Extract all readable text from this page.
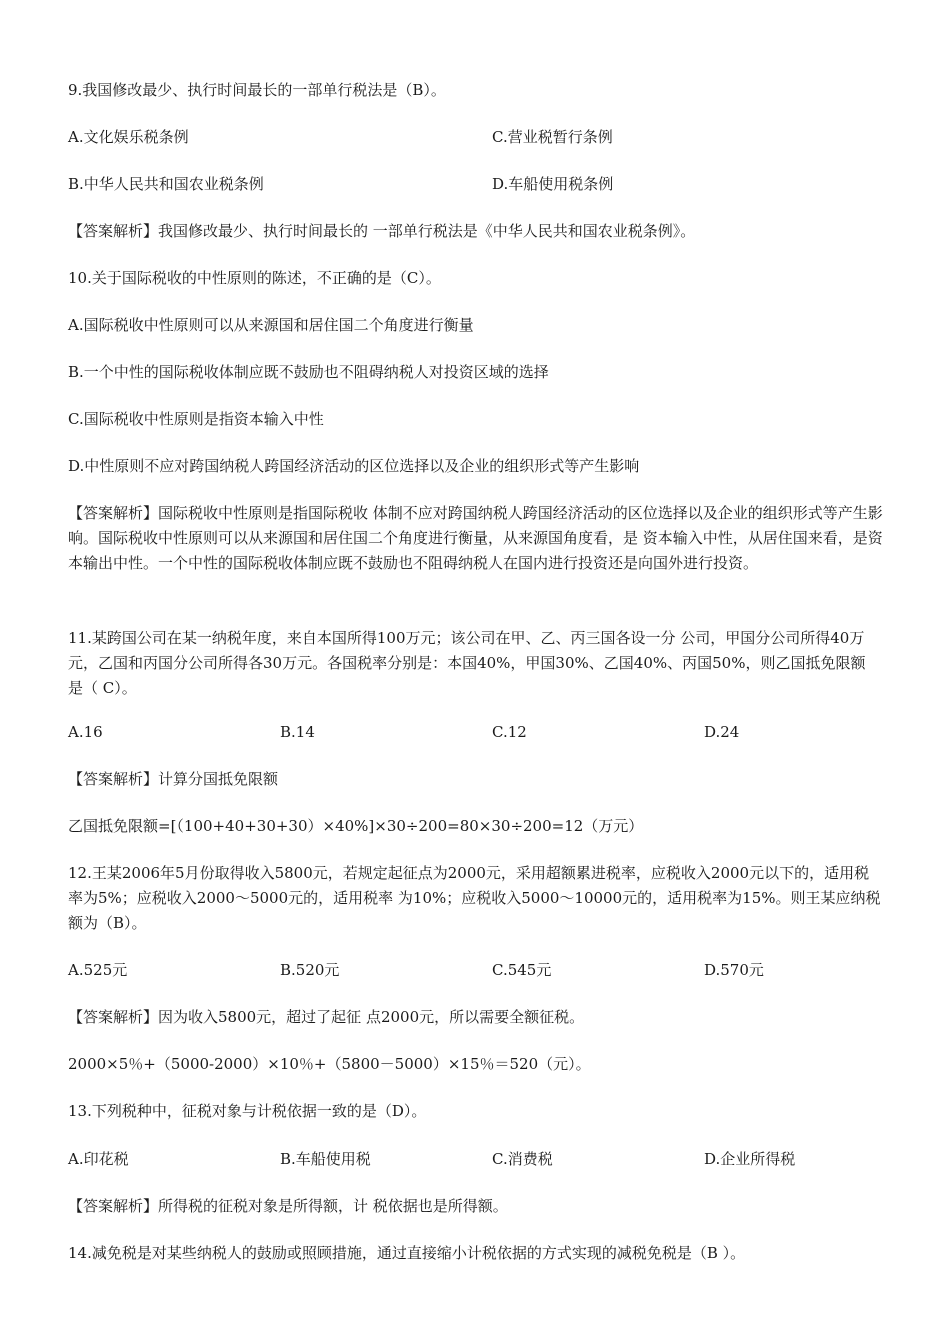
9.我国修改最少、执行时间最长的一部单行税法是（B）。

A.文化娱乐税条例	C.营业税暂行条例
B.中华人民共和国农业税条例	D.车船使用税条例

【答案解析】我国修改最少、执行时间最长的 一部单行税法是《中华人民共和国农业税条例》。

10.关于国际税收的中性原则的陈述，不正确的是（C）。

A.国际税收中性原则可以从来源国和居住国二个角度进行衡量

B.一个中性的国际税收体制应既不鼓励也不阻碍纳税人对投资区域的选择

C.国际税收中性原则是指资本输入中性

D.中性原则不应对跨国纳税人跨国经济活动的区位选择以及企业的组织形式等产生影响

【答案解析】国际税收中性原则是指国际税收 体制不应对跨国纳税人跨国经济活动的区位选择以及企业的组织形式等产生影响。国际税收中性原则可以从来源国和居住国二个角度进行衡量，从来源国角度看，是 资本输入中性，从居住国来看，是资本输出中性。一个中性的国际税收体制应既不鼓励也不阻碍纳税人在国内进行投资还是向国外进行投资。

11.某跨国公司在某一纳税年度，来自本国所得100万元；该公司在甲、乙、丙三国各设一分 公司，甲国分公司所得40万元，乙国和丙国分公司所得各30万元。各国税率分别是：本国40%，甲国30%、乙国40%、丙国50%，则乙国抵免限额 是（ C）。

A.16	B.14	C.12	D.24

【答案解析】计算分国抵免限额

乙国抵免限额=[（100+40+30+30）×40%]×30÷200=80×30÷200=12（万元）

12.王某2006年5月份取得收入5800元，若规定起征点为2000元，采用超额累进税率，应税收入2000元以下的，适用税率为5%；应税收入2000～5000元的，适用税率 为10%；应税收入5000～10000元的，适用税率为15%。则王某应纳税额为（B）。

A.525元	B.520元	C.545元	D.570元

【答案解析】因为收入5800元，超过了起征 点2000元，所以需要全额征税。

2000×5％+（5000-2000）×10％+（5800－5000）×15％＝520（元）。

13.下列税种中，征税对象与计税依据一致的是（D）。

A.印花税	B.车船使用税	C.消费税	D.企业所得税

【答案解析】所得税的征税对象是所得额，计 税依据也是所得额。

14.减免税是对某些纳税人的鼓励或照顾措施，通过直接缩小计税依据的方式实现的减税免税是（B ）。
